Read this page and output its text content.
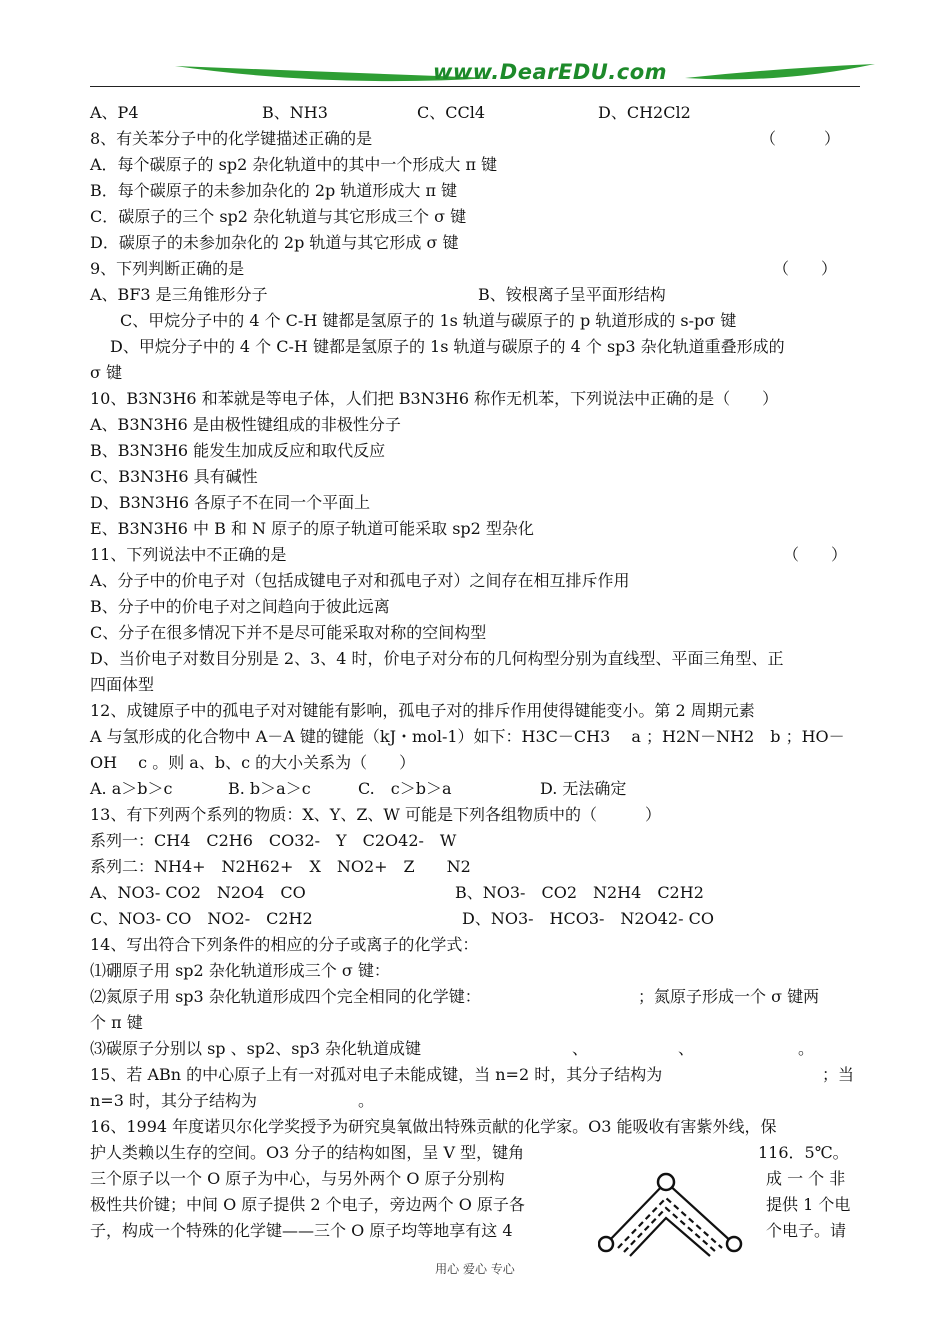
www.DearEDU.com
A、P4	B、NH3	C、CCl4	D、CH2Cl2
8、有关苯分子中的化学键描述正确的是	（　　　）
A．每个碳原子的 sp2 杂化轨道中的其中一个形成大 π 键
B．每个碳原子的未参加杂化的 2p 轨道形成大 π 键
C．碳原子的三个 sp2 杂化轨道与其它形成三个 σ 键
D．碳原子的未参加杂化的 2p 轨道与其它形成 σ 键
9、下列判断正确的是	（　　）
A、BF3 是三角锥形分子	B、铵根离子呈平面形结构
C、甲烷分子中的 4 个 C-H 键都是氢原子的 1s 轨道与碳原子的 p 轨道形成的 s-pσ 键
D、甲烷分子中的 4 个 C-H 键都是氢原子的 1s 轨道与碳原子的 4 个 sp3 杂化轨道重叠形成的
σ 键
10、B3N3H6 和苯就是等电子体，人们把 B3N3H6 称作无机苯，下列说法中正确的是（　　）
A、B3N3H6 是由极性键组成的非极性分子
B、B3N3H6 能发生加成反应和取代反应
C、B3N3H6 具有碱性
D、B3N3H6 各原子不在同一个平面上
E、B3N3H6 中 B 和 N 原子的原子轨道可能采取 sp2 型杂化
11、下列说法中不正确的是	（　　）
A、分子中的价电子对（包括成键电子对和孤电子对）之间存在相互排斥作用
B、分子中的价电子对之间趋向于彼此远离
C、分子在很多情况下并不是尽可能采取对称的空间构型
D、当价电子对数目分别是 2、3、4 时，价电子对分布的几何构型分别为直线型、平面三角型、正
四面体型
12、成键原子中的孤电子对对键能有影响，孤电子对的排斥作用使得键能变小。第 2 周期元素
A 与氢形成的化合物中 A－A 键的键能（kJ・mol-1）如下：H3C－CH3　 a ；H2N－NH2　b ；HO－
OH　 c 。则 a、b、c 的大小关系为（　　）
A. a＞b＞c	B. b＞a＞c	C.　c＞b＞a	D. 无法确定
13、有下列两个系列的物质：X、Y、Z、W 可能是下列各组物质中的（　　　）
系列一：CH4　C2H6　CO32-　Y　C2O42-　W
系列二：NH4+　N2H62+　X　NO2+　Z　　N2
A、NO3- CO2　N2O4　CO	B、NO3-　CO2　N2H4　C2H2
C、NO3- CO　NO2-　C2H2	D、NO3-　HCO3-　N2O42- CO
14、写出符合下列条件的相应的分子或离子的化学式：
⑴硼原子用 sp2 杂化轨道形成三个 σ 键：
⑵氮原子用 sp3 杂化轨道形成四个完全相同的化学键：	；氮原子形成一个 σ 键两
个 π 键
⑶碳原子分别以 sp 、sp2、sp3 杂化轨道成键	、	、	。
15、若 ABn 的中心原子上有一对孤对电子未能成键，当 n=2 时，其分子结构为	；当
n=3 时，其分子结构为	。
16、1994 年度诺贝尔化学奖授予为研究臭氧做出特殊贡献的化学家。O3 能吸收有害紫外线，保
护人类赖以生存的空间。O3 分子的结构如图，呈 V 型，键角	116．5℃。
三个原子以一个 O 原子为中心，与另外两个 O 原子分别构	成 一 个 非
极性共价键；中间 O 原子提供 2 个电子，旁边两个 O 原子各	提供 1 个电
子，构成一个特殊的化学键——三个 O 原子均等地享有这 4	个电子。请
用心 爱心 专心
